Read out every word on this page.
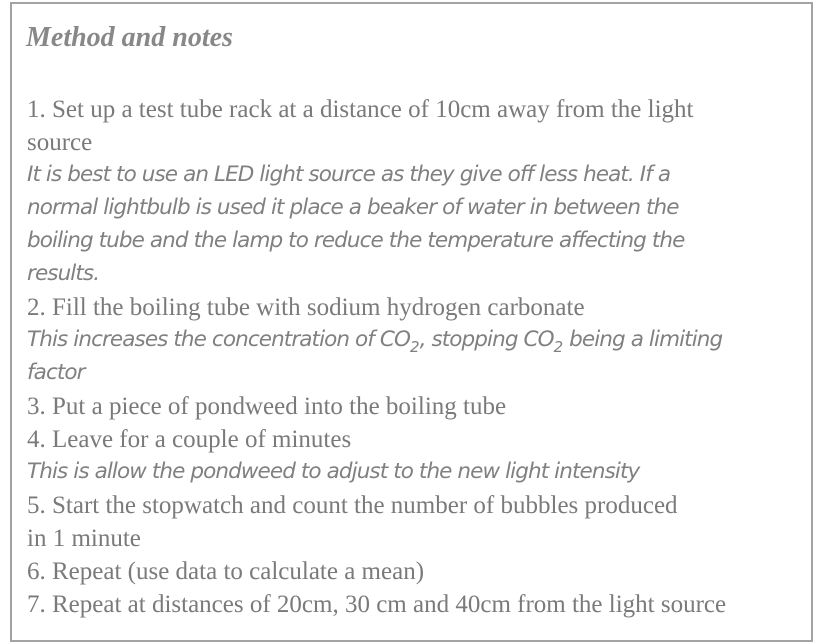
Method and notes
1. Set up a test tube rack at a distance of 10cm away from the light
source
It is best to use an LED light source as they give off less heat. If a
normal lightbulb is used it place a beaker of water in between the
boiling tube and the lamp to reduce the temperature affecting the
results.
2. Fill the boiling tube with sodium hydrogen carbonate
This increases the concentration of $CO_2$, stopping $CO_2$ being a limiting
factor
3. Put a piece of pondweed into the boiling tube
4. Leave for a couple of minutes
This is allow the pondweed to adjust to the new light intensity
5. Start the stopwatch and count the number of bubbles produced
in 1 minute
6. Repeat (use data to calculate a mean)
7. Repeat at distances of 20cm, 30 cm and 40cm from the light source
